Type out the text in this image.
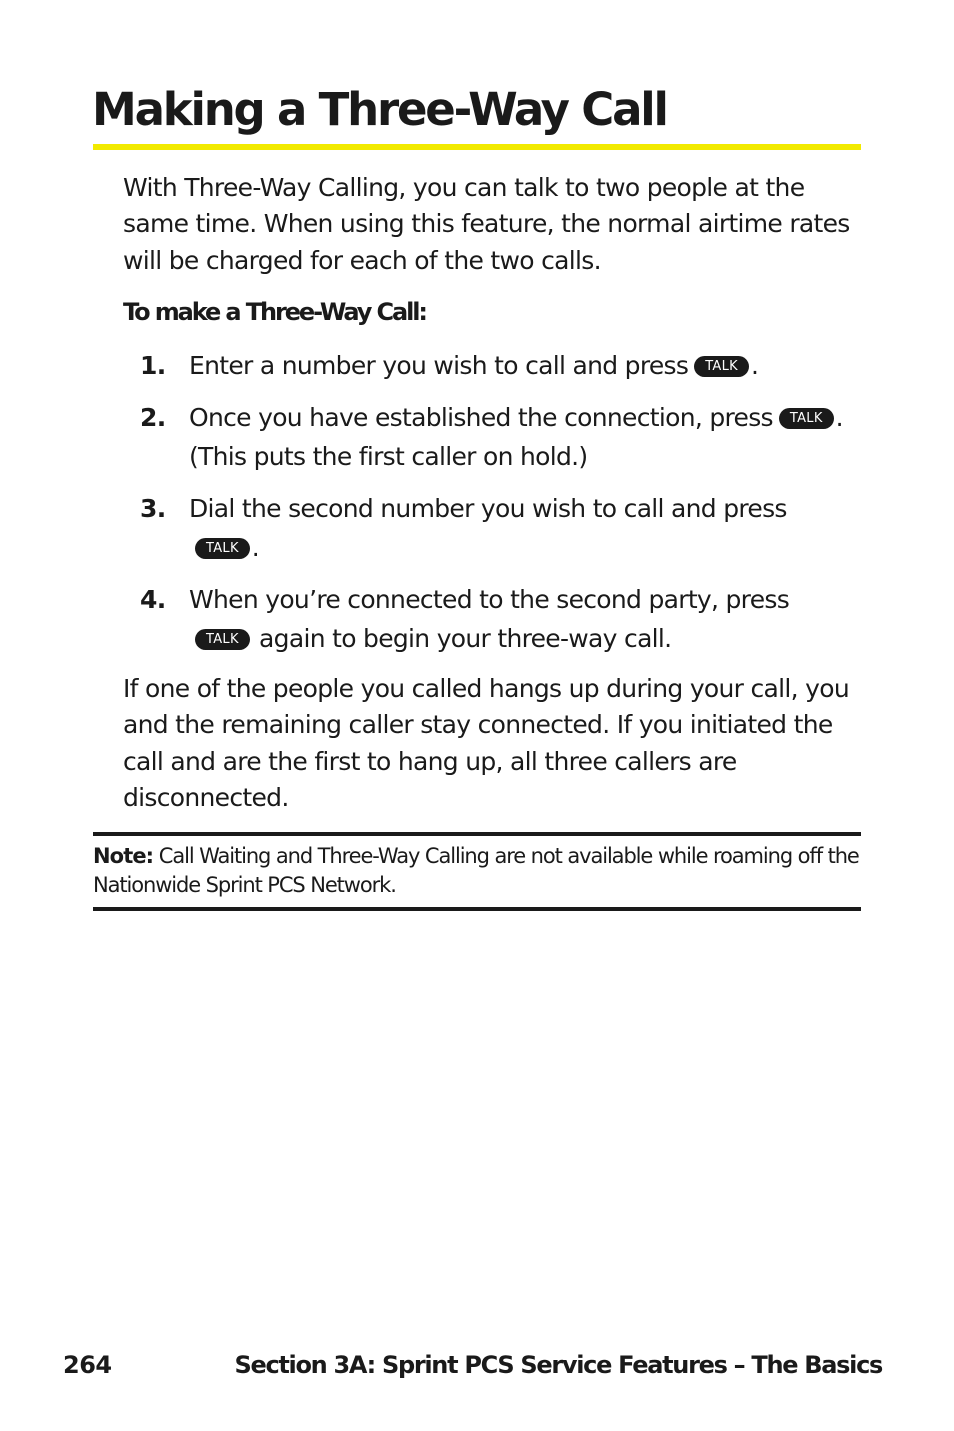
Making a Three-Way Call

With Three-Way Calling, you can talk to two people at the same time. When using this feature, the normal airtime rates will be charged for each of the two calls.

To make a Three-Way Call:

1. Enter a number you wish to call and press TALK .
2. Once you have established the connection, press TALK . (This puts the first caller on hold.)
3. Dial the second number you wish to call and pressTALK .
4. When you’re connected to the second party, pressTALK again to begin your three-way call.

If one of the people you called hangs up during your call, you and the remaining caller stay connected. If you initiated the call and are the first to hang up, all three callers are disconnected.

Note: Call Waiting and Three-Way Calling are not available while roaming off the Nationwide Sprint PCS Network.

264	Section 3A: Sprint PCS Service Features – The Basics
